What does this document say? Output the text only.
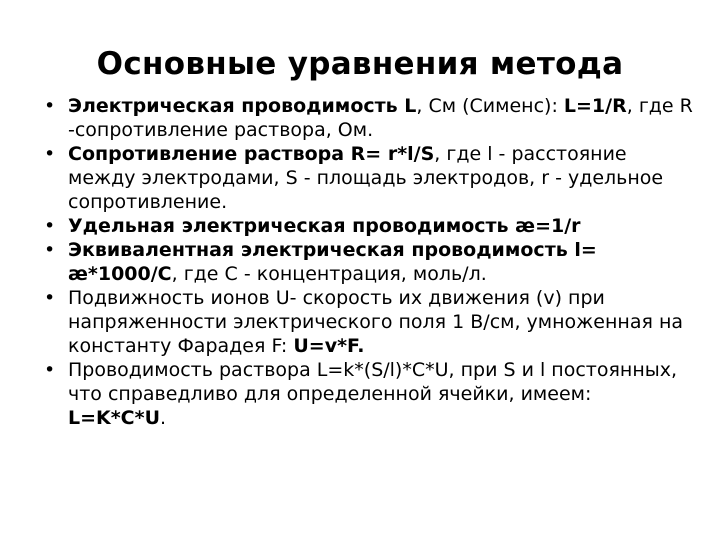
Основные уравнения метода
• Электрическая проводимость L, См (Сименс): L=1/R, где R -сопротивление раствора, Ом.
• Сопротивление раствора R= r*l/S, где l - расстояние между электродами, S - площадь электродов, r - удельное сопротивление.
• Удельная электрическая проводимость æ=1/r
• Эквивалентная электрическая проводимость l= æ*1000/C, где С - концентрация, моль/л.
• Подвижность ионов U- скорость их движения (v) при напряженности электрического поля 1 В/см, умноженная на константу Фарадея F: U=v*F.
• Проводимость раствора L=k*(S/l)*C*U, при S и l постоянных, что справедливо для определенной ячейки, имеем: L=K*C*U.
